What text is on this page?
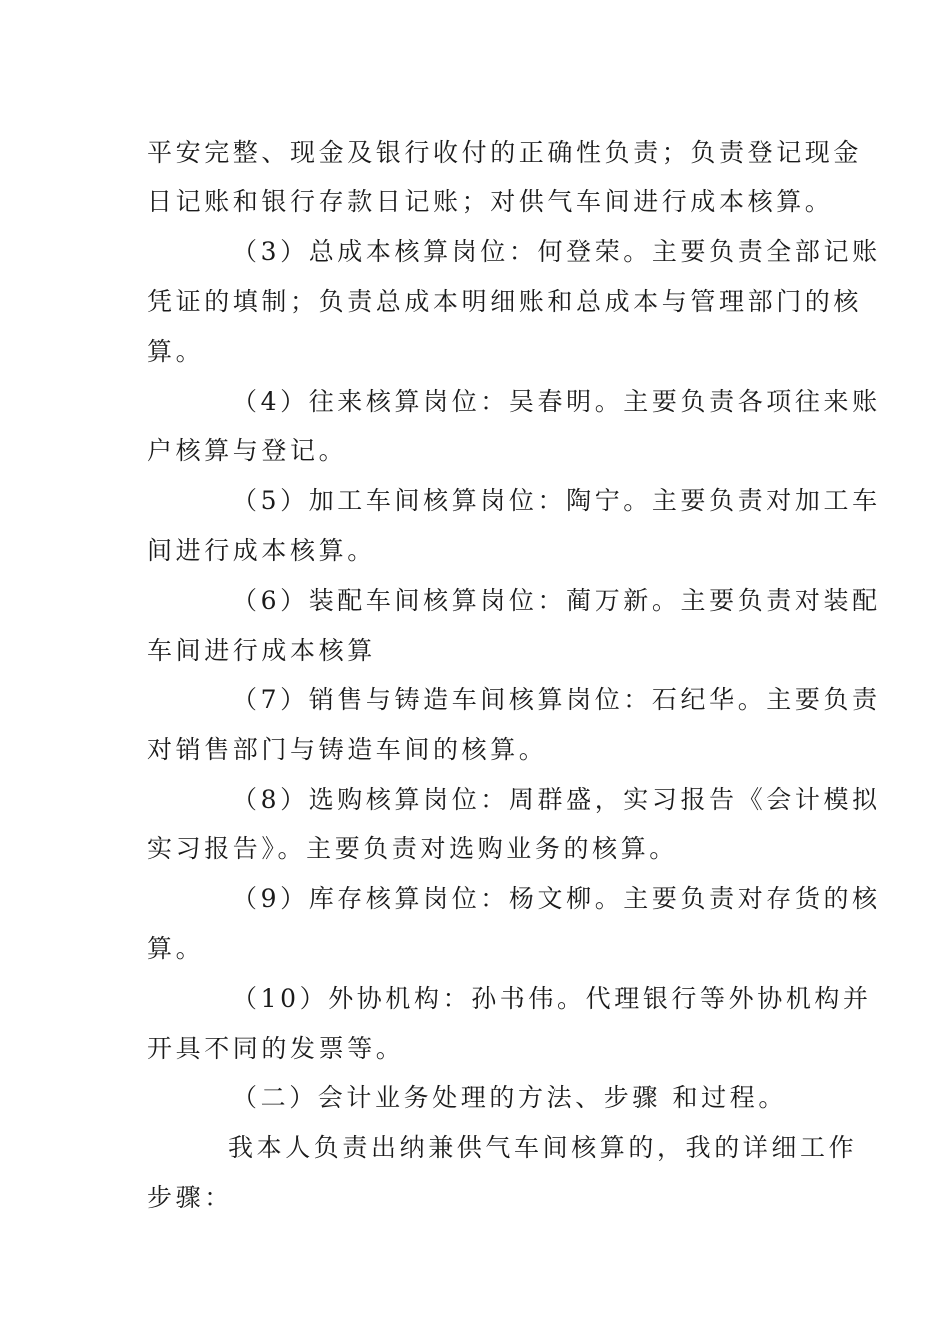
平安完整、现金及银行收付的正确性负责；负责登记现金
日记账和银行存款日记账；对供气车间进行成本核算。
（3）总成本核算岗位：何登荣。主要负责全部记账
凭证的填制；负责总成本明细账和总成本与管理部门的核
算。
（4）往来核算岗位：吴春明。主要负责各项往来账
户核算与登记。
（5）加工车间核算岗位：陶宁。主要负责对加工车
间进行成本核算。
（6）装配车间核算岗位：蔺万新。主要负责对装配
车间进行成本核算
（7）销售与铸造车间核算岗位：石纪华。主要负责
对销售部门与铸造车间的核算。
（8）选购核算岗位：周群盛，实习报告《会计模拟
实习报告》。主要负责对选购业务的核算。
（9）库存核算岗位：杨文柳。主要负责对存货的核
算。
（10）外协机构：孙书伟。代理银行等外协机构并
开具不同的发票等。
（二）会计业务处理的方法、步骤 和过程。
我本人负责出纳兼供气车间核算的，我的详细工作
步骤：
